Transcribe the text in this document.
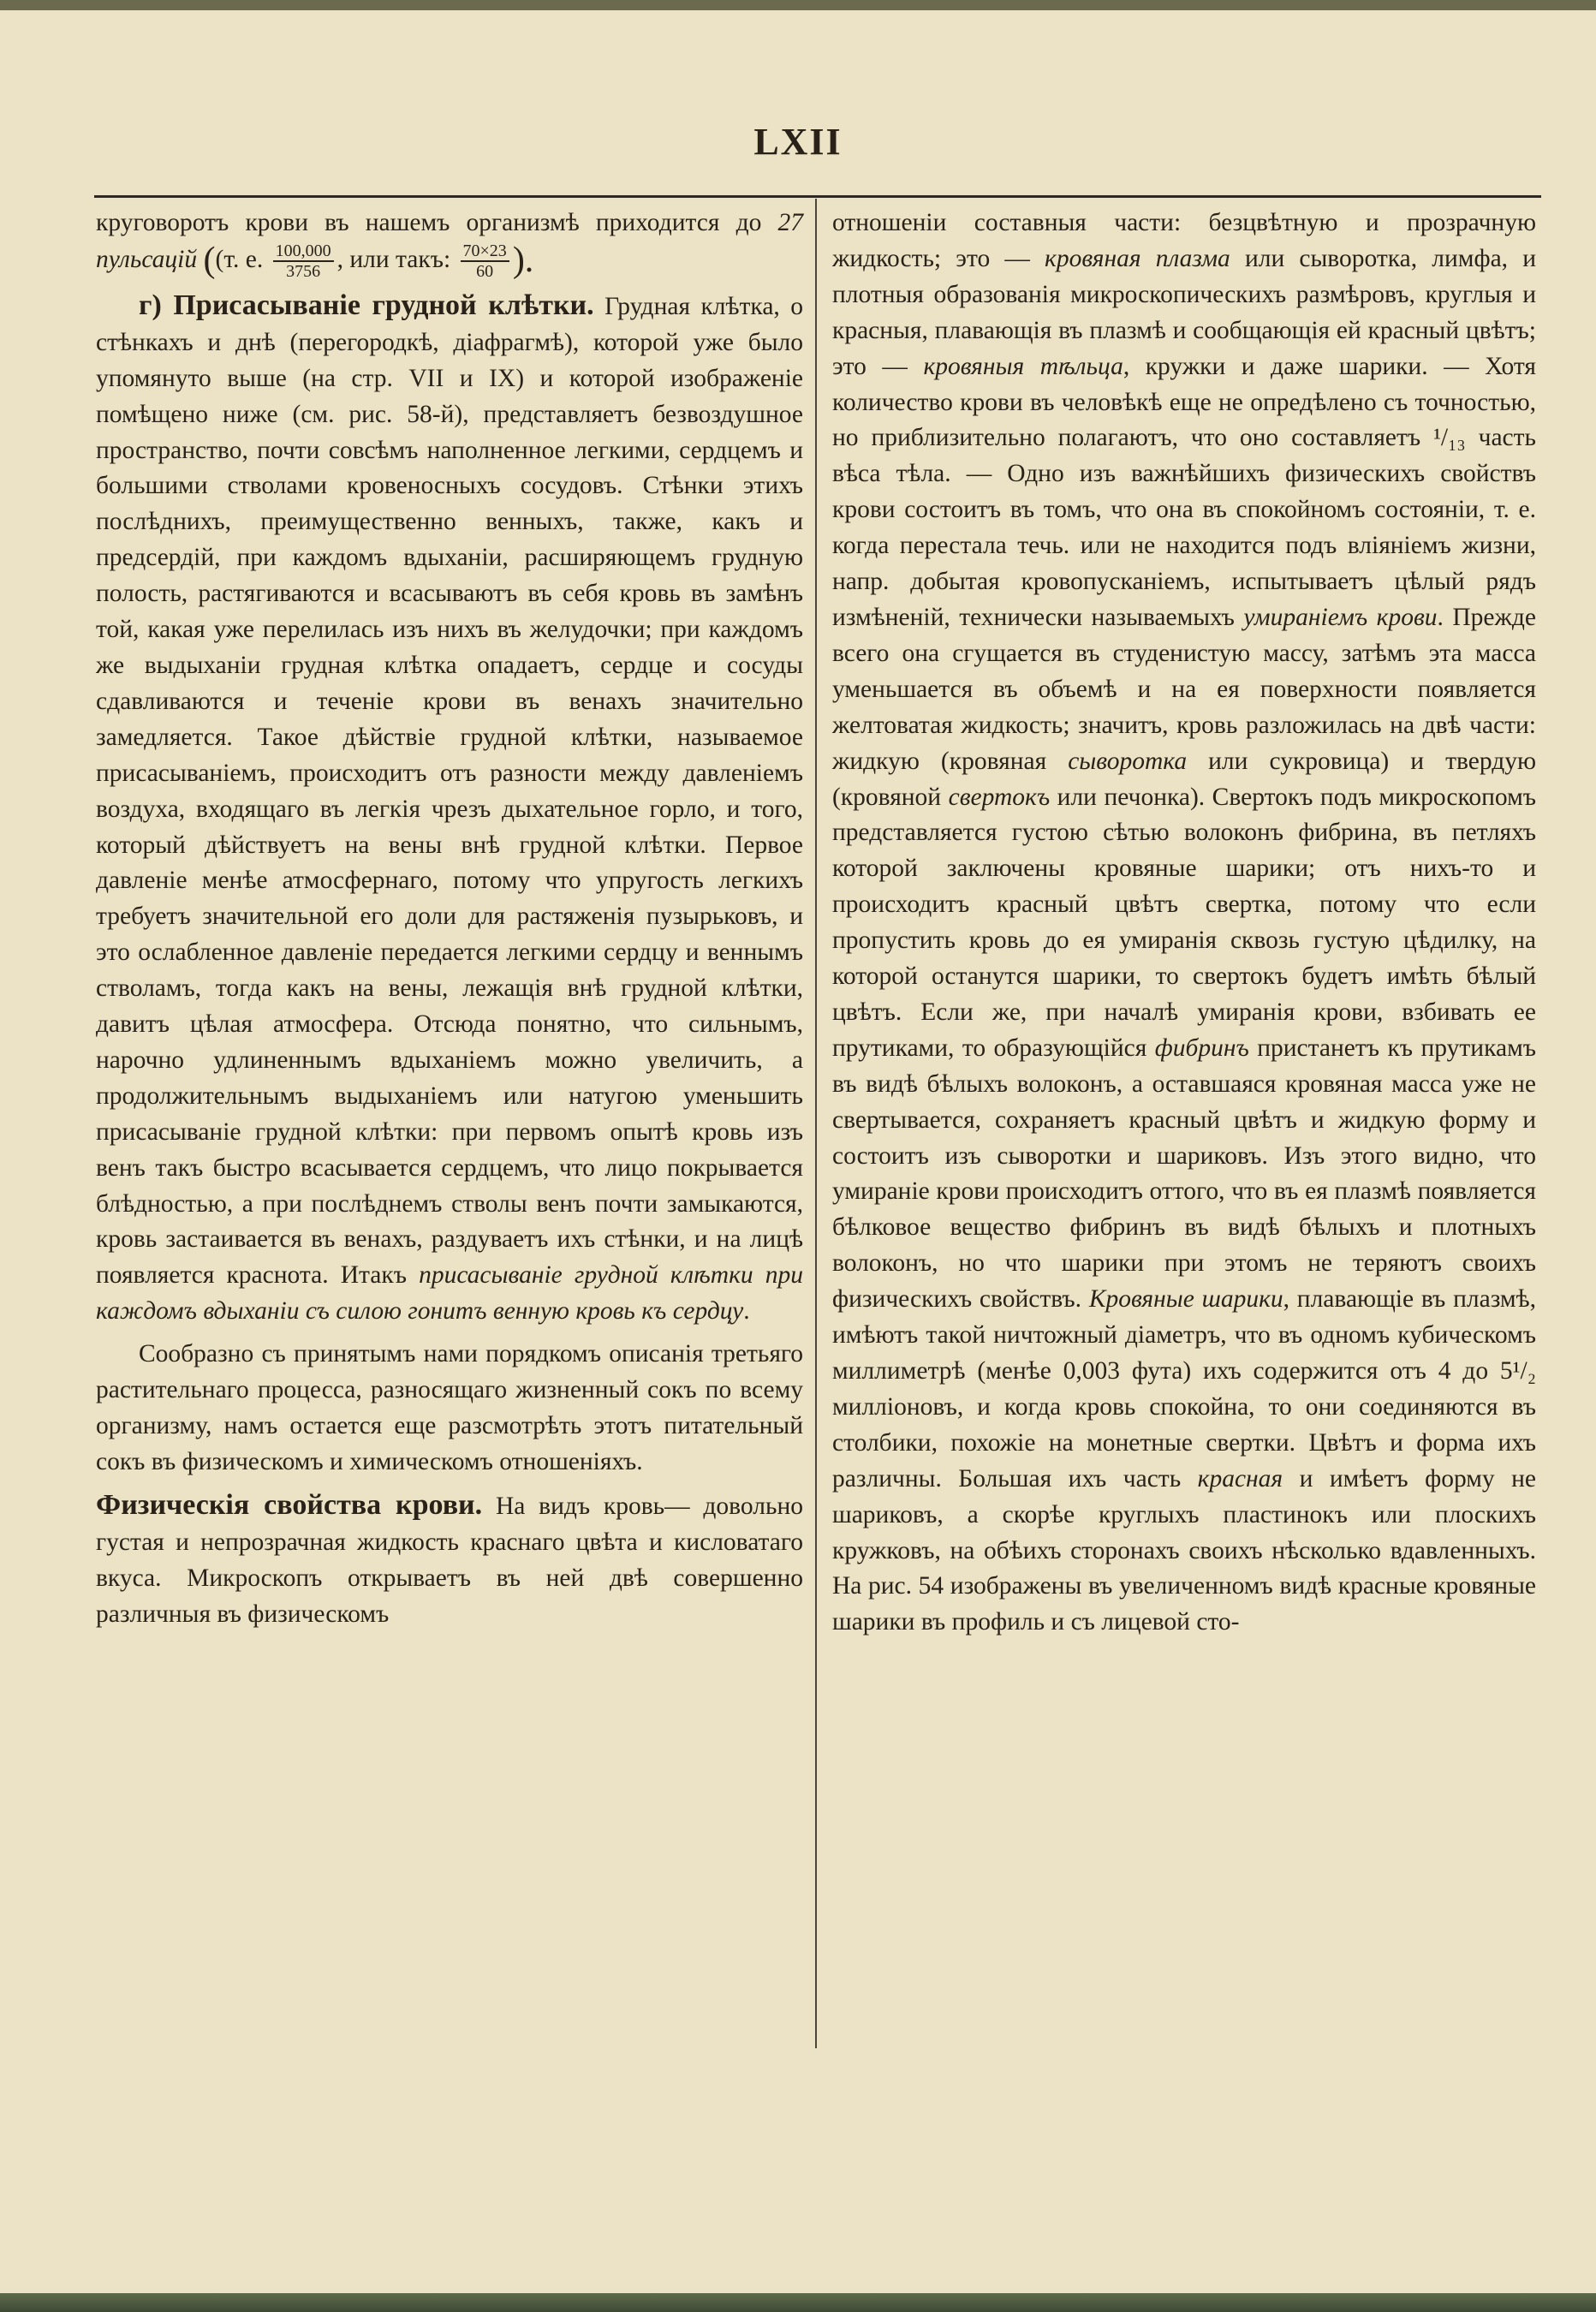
LXII

круговоротъ крови въ нашемъ организмѣ приходится до 27 пульсацій ((т. е. $\frac{100,000}{3756}$ , или такъ: $\frac{70\times 23}{60}$ ).

г) Присасываніе грудной клѣтки. Грудная клѣтка, о стѣнкахъ и днѣ (перегородкѣ, діафрагмѣ), которой уже было упомянуто выше (на стр. VII и IX) и которой изображеніе помѣщено ниже (см. рис. 58-й), представляетъ безвоздушное пространство, почти совсѣмъ наполненное легкими, сердцемъ и большими стволами кровеносныхъ сосудовъ. Стѣнки этихъ послѣднихъ, преимущественно венныхъ, также, какъ и предсердій, при каждомъ вдыханіи, расширяющемъ грудную полость, растягиваются и всасываютъ въ себя кровь въ замѣнъ той, какая уже перелилась изъ нихъ въ желудочки; при каждомъ же выдыханіи грудная клѣтка опадаетъ, сердце и сосуды сдавливаются и теченіе крови въ венахъ значительно замедляется. Такое дѣйствіе грудной клѣтки, называемое присасываніемъ, происходитъ отъ разности между давленіемъ воздуха, входящаго въ легкія чрезъ дыхательное горло, и того, который дѣйствуетъ на вены внѣ грудной клѣтки. Первое давленіе менѣе атмосфернаго, потому что упругость легкихъ требуетъ значительной его доли для растяженія пузырьковъ, и это ослабленное давленіе передается легкими сердцу и веннымъ стволамъ, тогда какъ на вены, лежащія внѣ грудной клѣтки, давитъ цѣлая атмосфера. Отсюда понятно, что сильнымъ, нарочно удлиненнымъ вдыханіемъ можно увеличить, а продолжительнымъ выдыханіемъ или натугою уменьшить присасываніе грудной клѣтки: при первомъ опытѣ кровь изъ венъ такъ быстро всасывается сердцемъ, что лицо покрывается блѣдностью, а при послѣднемъ стволы венъ почти замыкаются, кровь застаивается въ венахъ, раздуваетъ ихъ стѣнки, и на лицѣ появляется краснота. Итакъ присасываніе грудной клѣтки при каждомъ вдыханіи съ силою гонитъ венную кровь къ сердцу.

Сообразно съ принятымъ нами порядкомъ описанія третьяго растительнаго процесса, разносящаго жизненный сокъ по всему организму, намъ остается еще разсмотрѣть этотъ питательный сокъ въ физическомъ и химическомъ отношеніяхъ.

Физическія свойства крови. На видъ кровь— довольно густая и непрозрачная жидкость краснаго цвѣта и кисловатаго вкуса. Микроскопъ открываетъ въ ней двѣ совершенно различныя въ физическомъ

отношеніи составныя части: безцвѣтную и прозрачную жидкость; это — кровяная плазма или сыворотка, лимфа, и плотныя образованія микроскопическихъ размѣровъ, круглыя и красныя, плавающія въ плазмѣ и сообщающія ей красный цвѣтъ; это — кровяныя тѣльца, кружки и даже шарики. — Хотя количество крови въ человѣкѣ еще не опредѣлено съ точностью, но приблизительно полагаютъ, что оно составляетъ ¹/₁₃ часть вѣса тѣла. — Одно изъ важнѣйшихъ физическихъ свойствъ крови состоитъ въ томъ, что она въ спокойномъ состояніи, т. е. когда перестала течь. или не находится подъ вліяніемъ жизни, напр. добытая кровопусканіемъ, испытываетъ цѣлый рядъ измѣненій, технически называемыхъ умираніемъ крови. Прежде всего она сгущается въ студенистую массу, затѣмъ эта масса уменьшается въ объемѣ и на ея поверхности появляется желтоватая жидкость; значитъ, кровь разложилась на двѣ части: жидкую (кровяная сыворотка или сукровица) и твердую (кровяной свертокъ или печонка). Свертокъ подъ микроскопомъ представляется густою сѣтью волоконъ фибрина, въ петляхъ которой заключены кровяные шарики; отъ нихъ-то и происходитъ красный цвѣтъ свертка, потому что если пропустить кровь до ея умиранія сквозь густую цѣдилку, на которой останутся шарики, то свертокъ будетъ имѣть бѣлый цвѣтъ. Если же, при началѣ умиранія крови, взбивать ее прутиками, то образующійся фибринъ пристанетъ къ прутикамъ въ видѣ бѣлыхъ волоконъ, а оставшаяся кровяная масса уже не свертывается, сохраняетъ красный цвѣтъ и жидкую форму и состоитъ изъ сыворотки и шариковъ. Изъ этого видно, что умираніе крови происходитъ оттого, что въ ея плазмѣ появляется бѣлковое вещество фибринъ въ видѣ бѣлыхъ и плотныхъ волоконъ, но что шарики при этомъ не теряютъ своихъ физическихъ свойствъ. Кровяные шарики, плавающіе въ плазмѣ, имѣютъ такой ничтожный діаметръ, что въ одномъ кубическомъ миллиметрѣ (менѣе 0,003 фута) ихъ содержится отъ 4 до 5¹/₂ милліоновъ, и когда кровь спокойна, то они соединяются въ столбики, похожіе на монетные свертки. Цвѣтъ и форма ихъ различны. Большая ихъ часть красная и имѣетъ форму не шариковъ, а скорѣе круглыхъ пластинокъ или плоскихъ кружковъ, на обѣихъ сторонахъ своихъ нѣсколько вдавленныхъ. На рис. 54 изображены въ увеличенномъ видѣ красные кровяные шарики въ профиль и съ лицевой сто-
